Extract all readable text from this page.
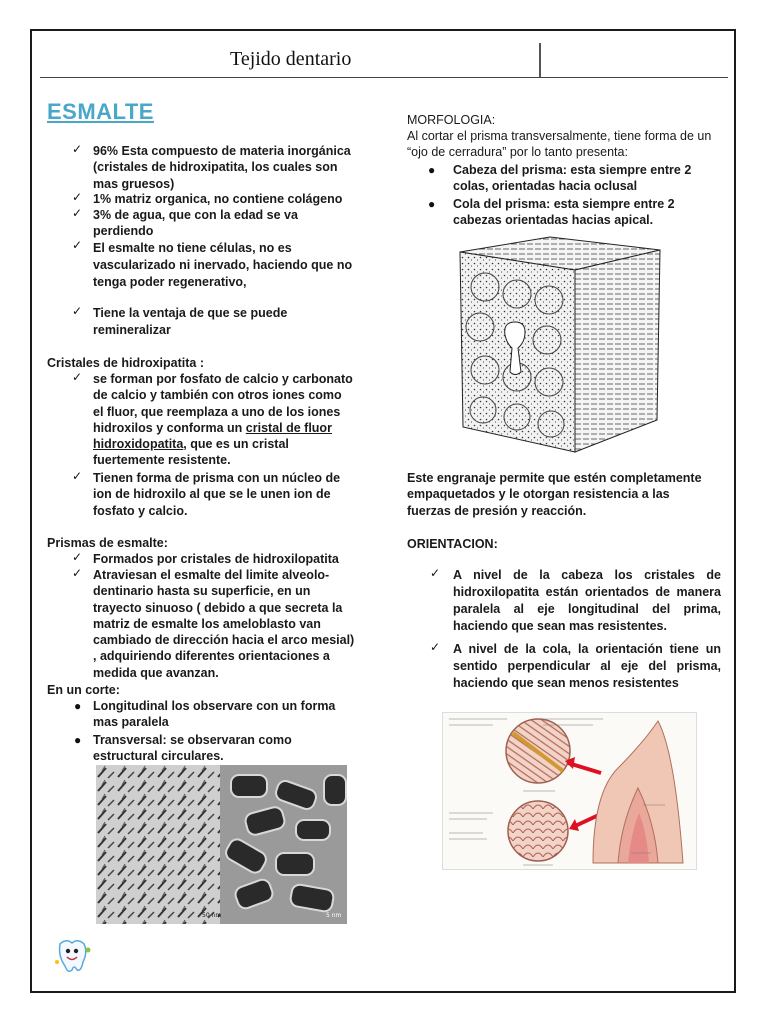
Tejido dentario
ESMALTE
✓ 96% Esta compuesto de materia inorgánica (cristales de hidroxipatita, los cuales son mas gruesos)
✓ 1% matriz organica, no contiene colágeno
✓ 3% de agua, que con la edad se va perdiendo
✓ El esmalte no tiene células, no es vascularizado ni inervado, haciendo que no tenga poder regenerativo,
✓ Tiene la ventaja de que se puede remineralizar
Cristales de hidroxipatita :
✓ se forman por fosfato de calcio y carbonato de calcio y también con otros iones como el fluor, que reemplaza a uno de los iones hidroxilos y conforma un cristal de fluor hidroxidopatita, que es un cristal fuertemente resistente.
✓ Tienen forma de prisma con un núcleo de ion de hidroxilo al que se le unen ion de fosfato y calcio.
Prismas de esmalte:
✓ Formados por cristales de hidroxilopatita
✓ Atraviesan el esmalte del limite alveolo-dentinario hasta su superficie, en un trayecto sinuoso ( debido a que secreta la matriz de esmalte los ameloblasto van cambiado de dirección hacia el arco mesial) , adquiriendo diferentes orientaciones a medida que avanzan.
En un corte:
● Longitudinal los observare con un forma mas paralela
● Transversal: se observaran como estructural circulares.
50 nm	5 nm
MORFOLOGIA:
Al cortar el prisma transversalmente, tiene forma de un “ojo de cerradura” por lo tanto presenta:
● Cabeza del prisma: esta siempre entre 2 colas, orientadas hacia oclusal
● Cola del prisma: esta siempre entre 2 cabezas orientadas hacias apical.
Este engranaje permite que estén completamente empaquetados y le otorgan resistencia a las fuerzas de presión y reacción.
ORIENTACION:
✓ A nivel de la cabeza los cristales de hidroxilopatita están orientados de manera paralela al eje longitudinal del prima, haciendo que sean mas resistentes.
✓ A nivel de la cola, la orientación tiene un sentido perpendicular al eje del prisma, haciendo que sean menos resistentes
